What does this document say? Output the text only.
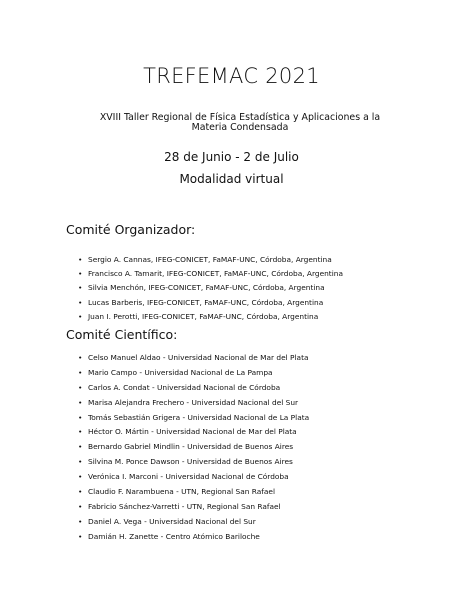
TREFEMAC 2021
XVIII Taller Regional de Física Estadística y Aplicaciones a la Materia Condensada
28 de Junio - 2 de Julio
Modalidad virtual
Comité Organizador:
• Sergio A. Cannas, IFEG-CONICET, FaMAF-UNC, Córdoba, Argentina
• Francisco A. Tamarit, IFEG-CONICET, FaMAF-UNC, Córdoba, Argentina
• Silvia Menchón, IFEG-CONICET, FaMAF-UNC, Córdoba, Argentina
• Lucas Barberis, IFEG-CONICET, FaMAF-UNC, Córdoba, Argentina
• Juan I. Perotti, IFEG-CONICET, FaMAF-UNC, Córdoba, Argentina
Comité Científico:
• Celso Manuel Aldao - Universidad Nacional de Mar del Plata
• Mario Campo - Universidad Nacional de La Pampa
• Carlos A. Condat - Universidad Nacional de Córdoba
• Marisa Alejandra Frechero - Universidad Nacional del Sur
• Tomás Sebastián Grigera - Universidad Nacional de La Plata
• Héctor O. Mártin - Universidad Nacional de Mar del Plata
• Bernardo Gabriel Mindlin - Universidad de Buenos Aires
• Silvina M. Ponce Dawson - Universidad de Buenos Aires
• Verónica I. Marconi - Universidad Nacional de Córdoba
• Claudio F. Narambuena - UTN, Regional San Rafael
• Fabricio Sánchez-Varretti - UTN, Regional San Rafael
• Daniel A. Vega - Universidad Nacional del Sur
• Damián H. Zanette - Centro Atómico Bariloche
